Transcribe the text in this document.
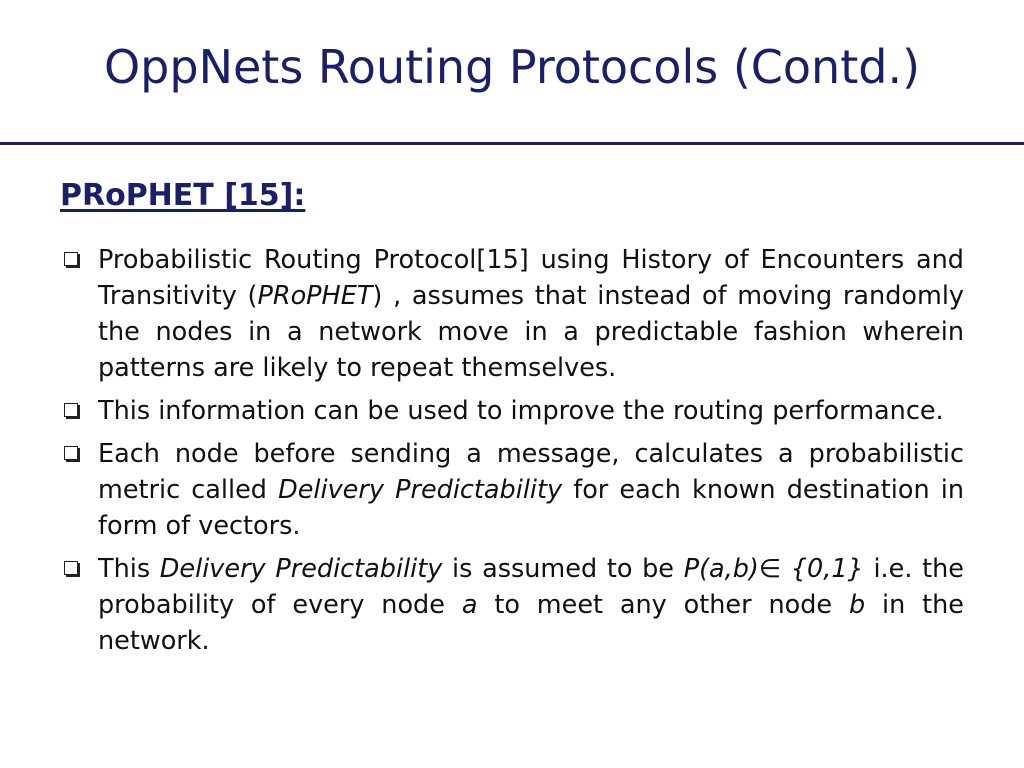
OppNets Routing Protocols (Contd.)
PRoPHET [15]:
Probabilistic Routing Protocol[15] using History of Encounters and Transitivity (PRoPHET) , assumes that instead of moving randomly the nodes in a network move in a predictable fashion wherein patterns are likely to repeat themselves.
This information can be used to improve the routing performance.
Each node before sending a message, calculates a probabilistic metric called Delivery Predictability for each known destination in form of vectors.
This Delivery Predictability is assumed to be P(a,b)∈ {0,1} i.e. the probability of every node a to meet any other node b in the network.
